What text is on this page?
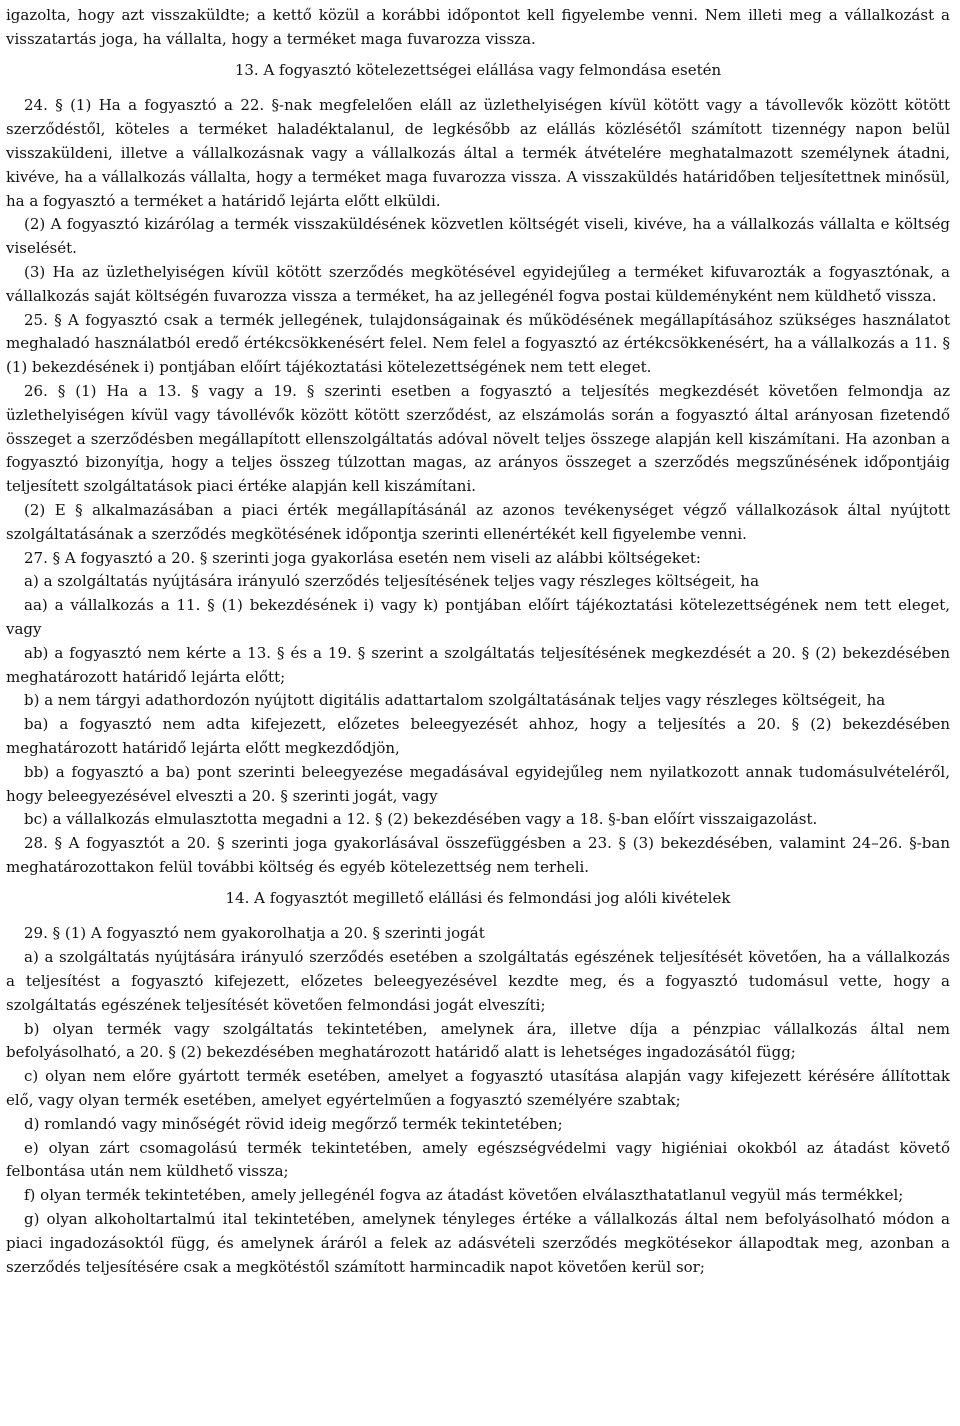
igazolta, hogy azt visszaküldte; a kettő közül a korábbi időpontot kell figyelembe venni. Nem illeti meg a vállalkozást a visszatartás joga, ha vállalta, hogy a terméket maga fuvarozza vissza.

13. A fogyasztó kötelezettségei elállása vagy felmondása esetén

24. § (1) Ha a fogyasztó a 22. §-nak megfelelően eláll az üzlethelyiségen kívül kötött vagy a távollevők között kötött szerződéstől, köteles a terméket haladéktalanul, de legkésőbb az elállás közlésétől számított tizennégy napon belül visszaküldeni, illetve a vállalkozásnak vagy a vállalkozás által a termék átvételére meghatalmazott személynek átadni, kivéve, ha a vállalkozás vállalta, hogy a terméket maga fuvarozza vissza. A visszaküldés határidőben teljesítettnek minősül, ha a fogyasztó a terméket a határidő lejárta előtt elküldi.

(2) A fogyasztó kizárólag a termék visszaküldésének közvetlen költségét viseli, kivéve, ha a vállalkozás vállalta e költség viselését.

(3) Ha az üzlethelyiségen kívül kötött szerződés megkötésével egyidejűleg a terméket kifuvarozták a fogyasztónak, a vállalkozás saját költségén fuvarozza vissza a terméket, ha az jellegénél fogva postai küldeményként nem küldhető vissza.

25. § A fogyasztó csak a termék jellegének, tulajdonságainak és működésének megállapításához szükséges használatot meghaladó használatból eredő értékcsökkenésért felel. Nem felel a fogyasztó az értékcsökkenésért, ha a vállalkozás a 11. § (1) bekezdésének i) pontjában előírt tájékoztatási kötelezettségének nem tett eleget.

26. § (1) Ha a 13. § vagy a 19. § szerinti esetben a fogyasztó a teljesítés megkezdését követően felmondja az üzlethelyiségen kívül vagy távollévők között kötött szerződést, az elszámolás során a fogyasztó által arányosan fizetendő összeget a szerződésben megállapított ellenszolgáltatás adóval növelt teljes összege alapján kell kiszámítani. Ha azonban a fogyasztó bizonyítja, hogy a teljes összeg túlzottan magas, az arányos összeget a szerződés megszűnésének időpontjáig teljesített szolgáltatások piaci értéke alapján kell kiszámítani.

(2) E § alkalmazásában a piaci érték megállapításánál az azonos tevékenységet végző vállalkozások által nyújtott szolgáltatásának a szerződés megkötésének időpontja szerinti ellenértékét kell figyelembe venni.

27. § A fogyasztó a 20. § szerinti joga gyakorlása esetén nem viseli az alábbi költségeket:

a) a szolgáltatás nyújtására irányuló szerződés teljesítésének teljes vagy részleges költségeit, ha

aa) a vállalkozás a 11. § (1) bekezdésének i) vagy k) pontjában előírt tájékoztatási kötelezettségének nem tett eleget, vagy

ab) a fogyasztó nem kérte a 13. § és a 19. § szerint a szolgáltatás teljesítésének megkezdését a 20. § (2) bekezdésében meghatározott határidő lejárta előtt;

b) a nem tárgyi adathordozón nyújtott digitális adattartalom szolgáltatásának teljes vagy részleges költségeit, ha

ba) a fogyasztó nem adta kifejezett, előzetes beleegyezését ahhoz, hogy a teljesítés a 20. § (2) bekezdésében meghatározott határidő lejárta előtt megkezdődjön,

bb) a fogyasztó a ba) pont szerinti beleegyezése megadásával egyidejűleg nem nyilatkozott annak tudomásulvételéről, hogy beleegyezésével elveszti a 20. § szerinti jogát, vagy

bc) a vállalkozás elmulasztotta megadni a 12. § (2) bekezdésében vagy a 18. §-ban előírt visszaigazolást.

28. § A fogyasztót a 20. § szerinti joga gyakorlásával összefüggésben a 23. § (3) bekezdésében, valamint 24–26. §-ban meghatározottakon felül további költség és egyéb kötelezettség nem terheli.

14. A fogyasztót megillető elállási és felmondási jog alóli kivételek

29. § (1) A fogyasztó nem gyakorolhatja a 20. § szerinti jogát

a) a szolgáltatás nyújtására irányuló szerződés esetében a szolgáltatás egészének teljesítését követően, ha a vállalkozás a teljesítést a fogyasztó kifejezett, előzetes beleegyezésével kezdte meg, és a fogyasztó tudomásul vette, hogy a szolgáltatás egészének teljesítését követően felmondási jogát elveszíti;

b) olyan termék vagy szolgáltatás tekintetében, amelynek ára, illetve díja a pénzpiac vállalkozás által nem befolyásolható, a 20. § (2) bekezdésében meghatározott határidő alatt is lehetséges ingadozásától függ;

c) olyan nem előre gyártott termék esetében, amelyet a fogyasztó utasítása alapján vagy kifejezett kérésére állítottak elő, vagy olyan termék esetében, amelyet egyértelműen a fogyasztó személyére szabtak;

d) romlandó vagy minőségét rövid ideig megőrző termék tekintetében;

e) olyan zárt csomagolású termék tekintetében, amely egészségvédelmi vagy higiéniai okokból az átadást követő felbontása után nem küldhető vissza;

f) olyan termék tekintetében, amely jellegénél fogva az átadást követően elválaszthatatlanul vegyül más termékkel;

g) olyan alkoholtartalmú ital tekintetében, amelynek tényleges értéke a vállalkozás által nem befolyásolható módon a piaci ingadozásoktól függ, és amelynek áráról a felek az adásvételi szerződés megkötésekor állapodtak meg, azonban a szerződés teljesítésére csak a megkötéstől számított harmincadik napot követően kerül sor;
